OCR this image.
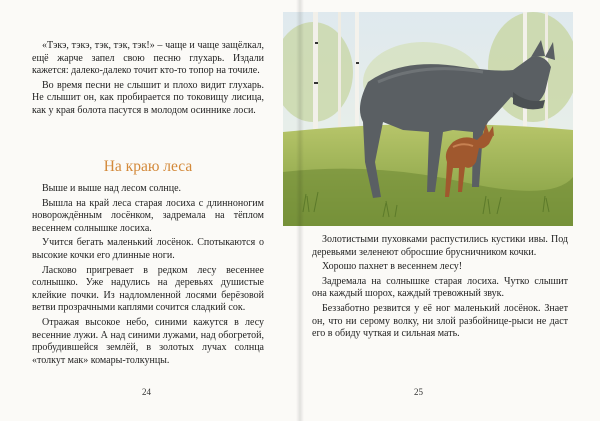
«Тэкэ, тэкэ, тэк, тэк, тэк!» – чаще и чаще защёлкал, ещё жарче запел свою песню глухарь. Издали кажется: далеко-далеко точит кто-то топор на точиле.

Во время песни не слышит и плохо видит глухарь. Не слышит он, как пробирается по токовищу лисица, как у края болота пасутся в молодом осиннике лоси.

На краю леса

Выше и выше над лесом солнце.

Вышла на край леса старая лосиха с длинноногим новорождённым лосёнком, задремала на тёплом весеннем солнышке лосиха.

Учится бегать маленький лосёнок. Спотыкаются о высокие кочки его длинные ноги.

Ласково пригревает в редком лесу весеннее солнышко. Уже надулись на деревьях душистые клейкие почки. Из надломленной лосями берёзовой ветви прозрачными каплями сочится сладкий сок.

Отражая высокое небо, синими кажутся в лесу весенние лужи. А над синими лужами, над обогретой, пробудившейся землёй, в золотых лучах солнца «толкут мак» комары-толкунцы.

24

Золотистыми пуховками распустились кустики ивы. Под деревьями зеленеют обросшие брусничником кочки.

Хорошо пахнет в весеннем лесу!

Задремала на солнышке старая лосиха. Чутко слышит она каждый шорох, каждый тревожный звук.

Беззаботно резвится у её ног маленький лосёнок. Знает он, что ни серому волку, ни злой разбойнице-рыси не даст его в обиду чуткая и сильная мать.

25
